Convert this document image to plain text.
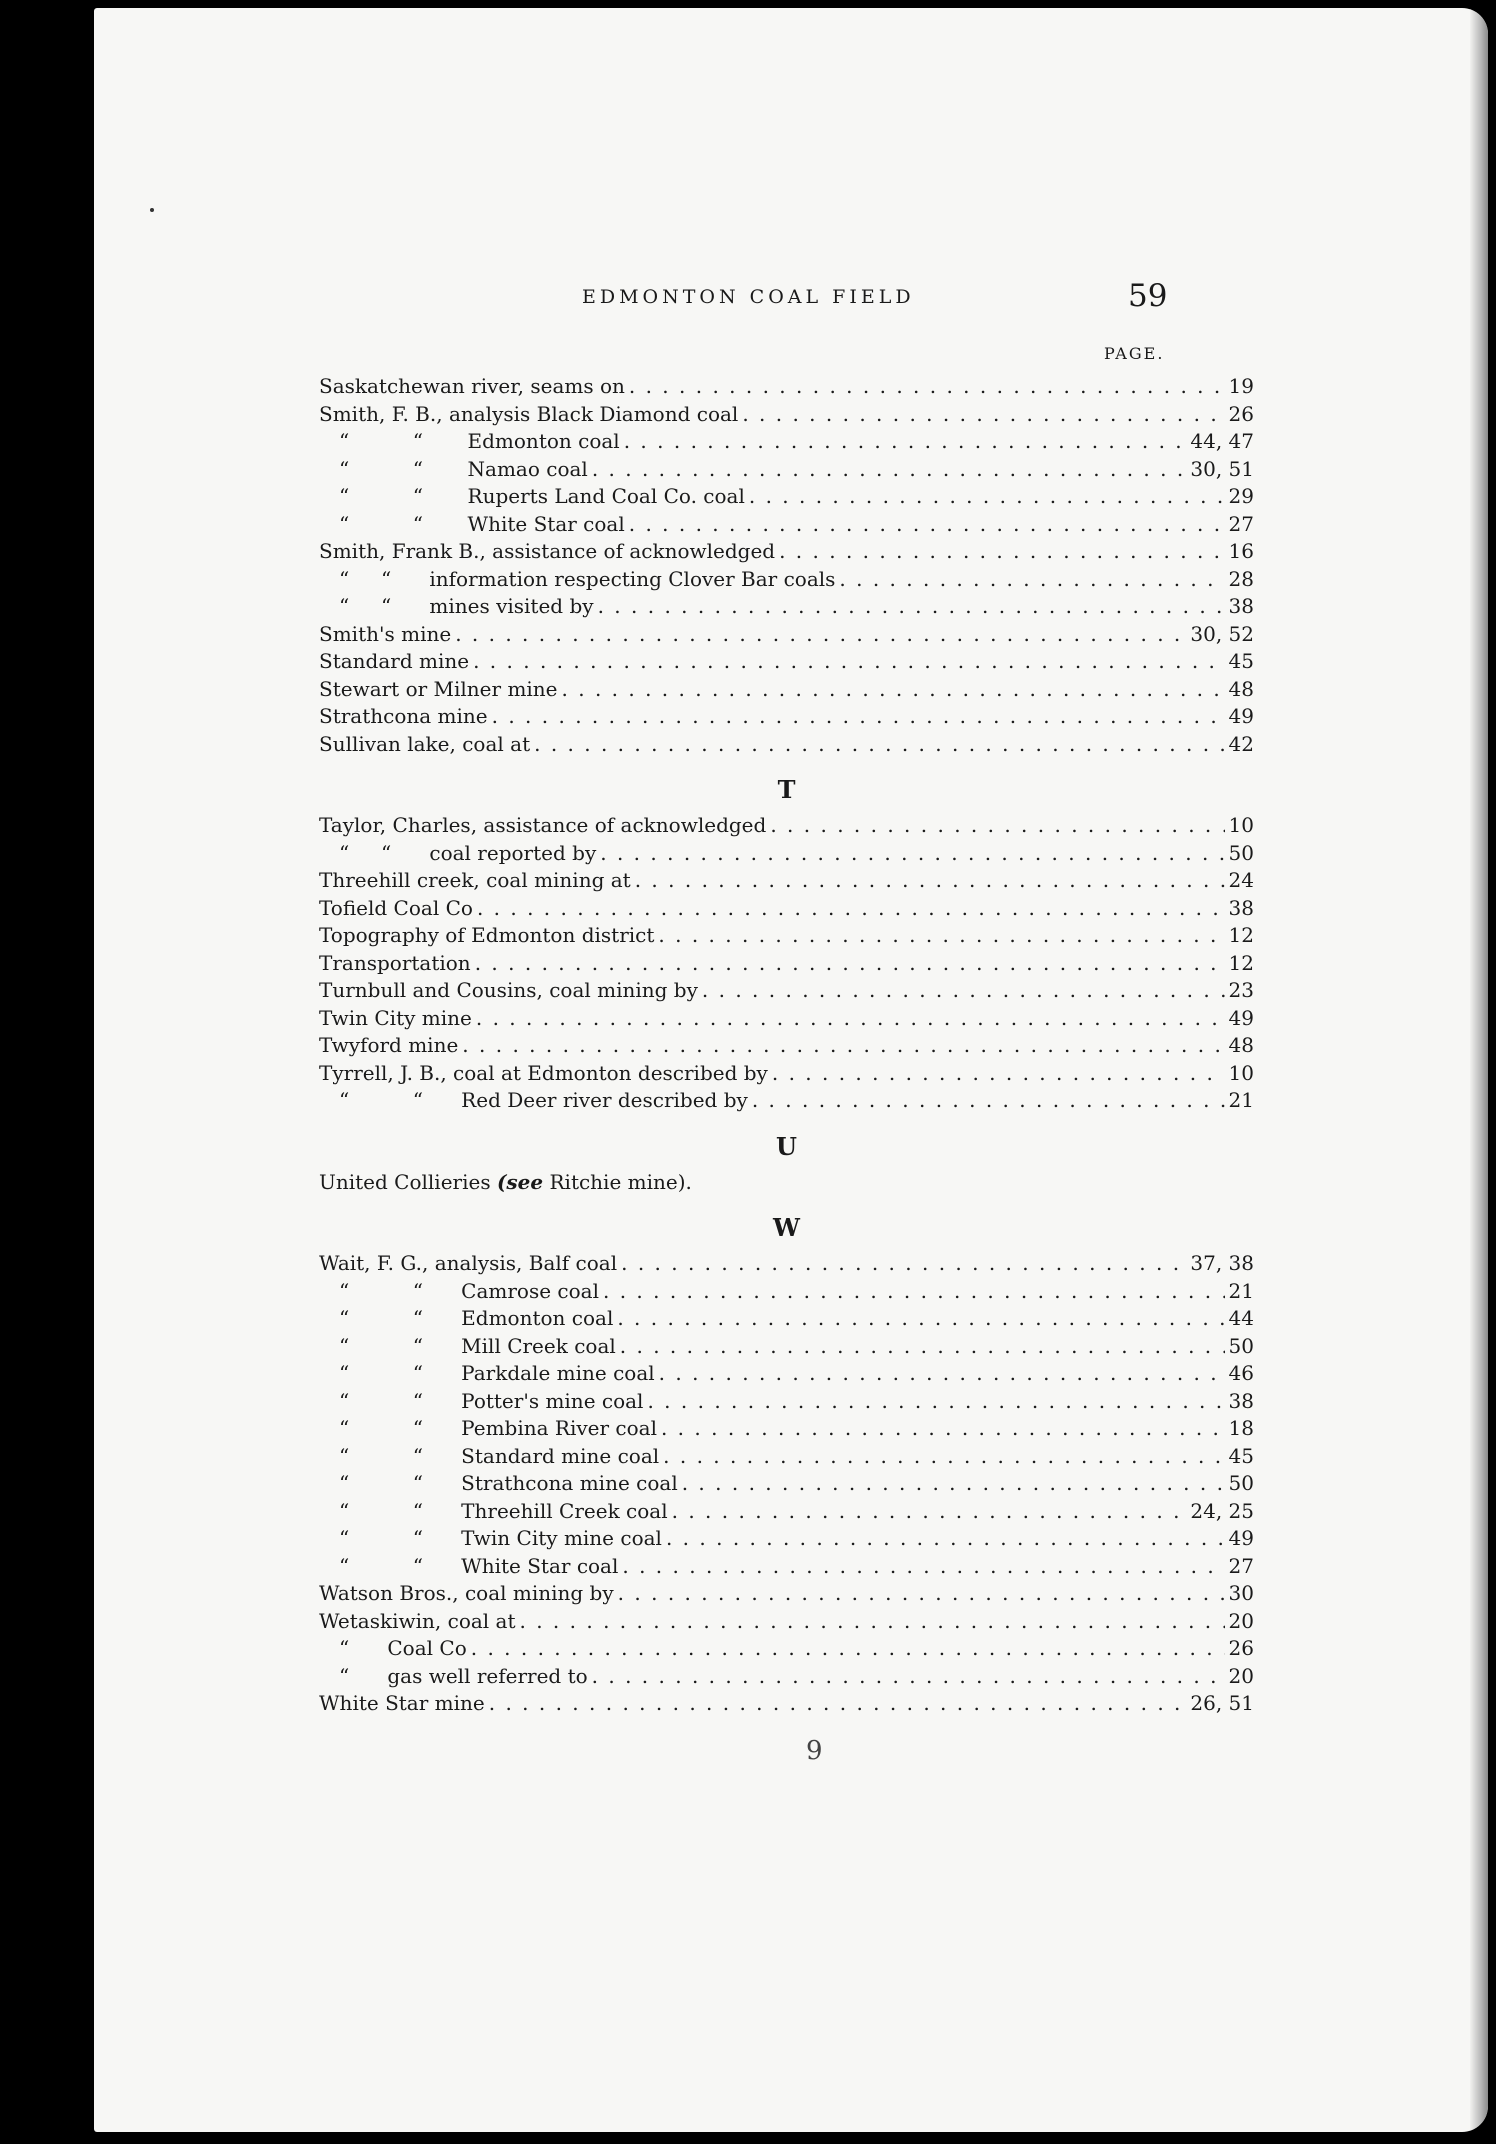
EDMONTON COAL FIELD	59
PAGE.
Saskatchewan river, seams on . . .	19
Smith, F. B., analysis Black Diamond coal . . .	26
“          “       Edmonton coal . . .	44, 47
“          “       Namao coal . . .	30, 51
“          “       Ruperts Land Coal Co. coal . . .	29
“          “       White Star coal . . .	27
Smith, Frank B., assistance of acknowledged . . .	16
“     “      information respecting Clover Bar coals . . .	28
“     “      mines visited by . . .	38
Smith's mine . . .	30, 52
Standard mine . . .	45
Stewart or Milner mine . . .	48
Strathcona mine . . .	49
Sullivan lake, coal at . . .	42
T
Taylor, Charles, assistance of acknowledged . . .	10
“     “      coal reported by . . .	50
Threehill creek, coal mining at . . .	24
Tofield Coal Co . . .	38
Topography of Edmonton district . . .	12
Transportation . . .	12
Turnbull and Cousins, coal mining by . . .	23
Twin City mine . . .	49
Twyford mine . . .	48
Tyrrell, J. B., coal at Edmonton described by . . .	10
“          “      Red Deer river described by . . .	21
U
United Collieries (see Ritchie mine).
W
Wait, F. G., analysis, Balf coal . . .	37, 38
“          “      Camrose coal . . .	21
“          “      Edmonton coal . . .	44
“          “      Mill Creek coal . . .	50
“          “      Parkdale mine coal . . .	46
“          “      Potter's mine coal . . .	38
“          “      Pembina River coal . . .	18
“          “      Standard mine coal . . .	45
“          “      Strathcona mine coal . . .	50
“          “      Threehill Creek coal . . .	24, 25
“          “      Twin City mine coal . . .	49
“          “      White Star coal . . .	27
Watson Bros., coal mining by . . .	30
Wetaskiwin, coal at . . .	20
“      Coal Co . . .	26
“      gas well referred to . . .	20
White Star mine . . .	26, 51
9
